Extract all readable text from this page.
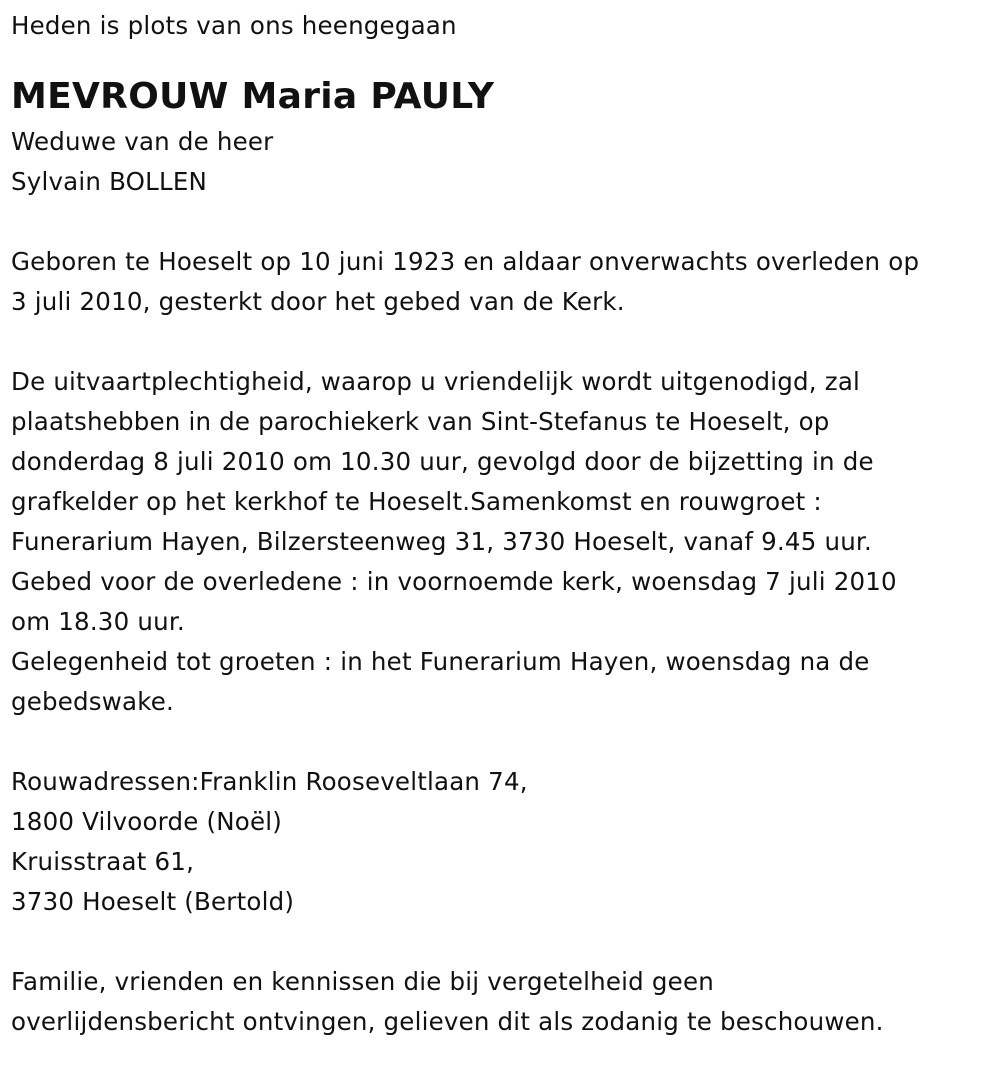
Heden is plots van ons heengegaan
MEVROUW Maria PAULY
Weduwe van de heer
Sylvain BOLLEN
Geboren te Hoeselt op 10 juni 1923 en aldaar onverwachts overleden op
3 juli 2010, gesterkt door het gebed van de Kerk.
De uitvaartplechtigheid, waarop u vriendelijk wordt uitgenodigd, zal
plaatshebben in de parochiekerk van Sint-Stefanus te Hoeselt, op
donderdag 8 juli 2010 om 10.30 uur, gevolgd door de bijzetting in de
grafkelder op het kerkhof te Hoeselt.Samenkomst en rouwgroet :
Funerarium Hayen, Bilzersteenweg 31, 3730 Hoeselt, vanaf 9.45 uur.
Gebed voor de overledene : in voornoemde kerk, woensdag 7 juli 2010
om 18.30 uur.
Gelegenheid tot groeten : in het Funerarium Hayen, woensdag na de
gebedswake.
Rouwadressen:Franklin Rooseveltlaan 74,
1800 Vilvoorde (Noël)
Kruisstraat 61,
3730 Hoeselt (Bertold)
Familie, vrienden en kennissen die bij vergetelheid geen
overlijdensbericht ontvingen, gelieven dit als zodanig te beschouwen.
